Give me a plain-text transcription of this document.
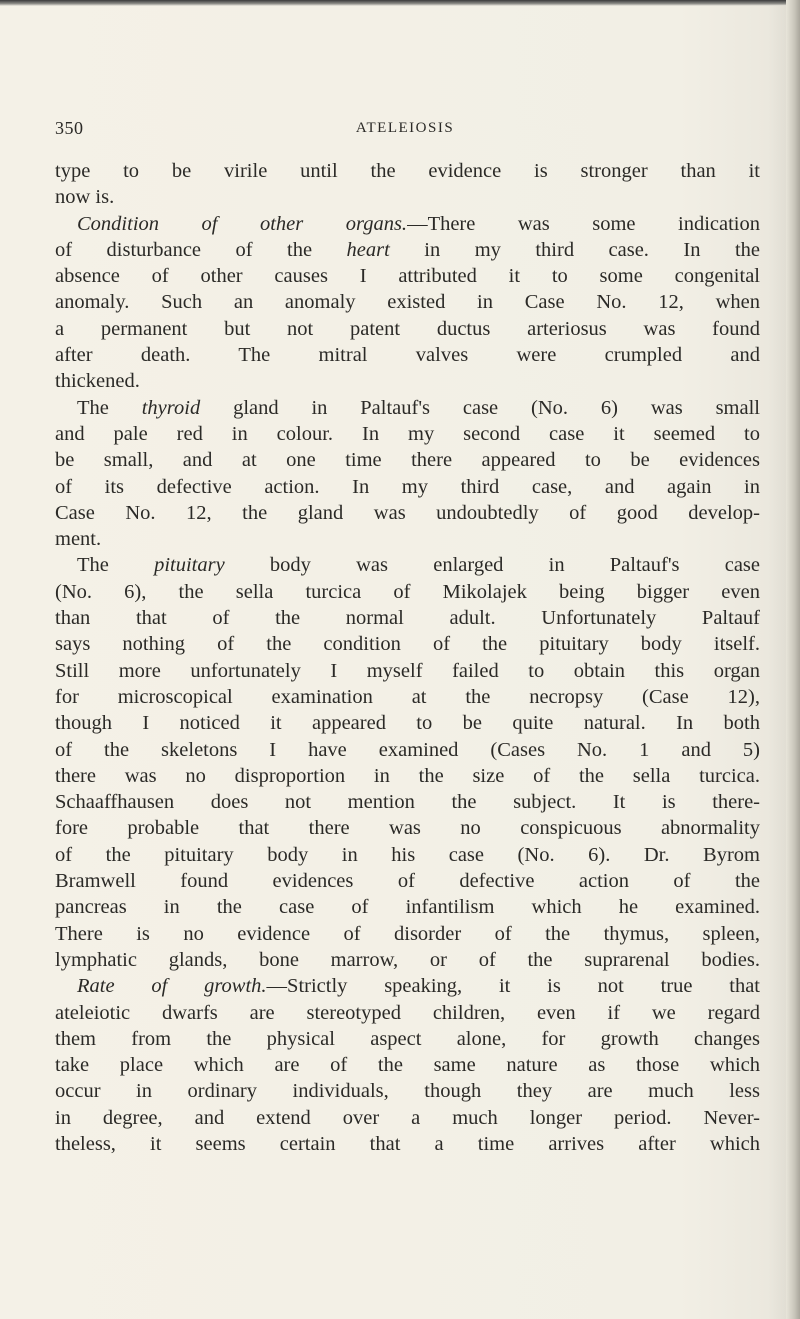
350	ATELEIOSIS
type to be virile until the evidence is stronger than it
now is.
Condition of other organs.—There was some indication
of disturbance of the heart in my third case. In the
absence of other causes I attributed it to some congenital
anomaly. Such an anomaly existed in Case No. 12, when
a permanent but not patent ductus arteriosus was found
after death. The mitral valves were crumpled and
thickened.
The thyroid gland in Paltauf's case (No. 6) was small
and pale red in colour. In my second case it seemed to
be small, and at one time there appeared to be evidences
of its defective action. In my third case, and again in
Case No. 12, the gland was undoubtedly of good develop-
ment.
The pituitary body was enlarged in Paltauf's case
(No. 6), the sella turcica of Mikolajek being bigger even
than that of the normal adult. Unfortunately Paltauf
says nothing of the condition of the pituitary body itself.
Still more unfortunately I myself failed to obtain this organ
for microscopical examination at the necropsy (Case 12),
though I noticed it appeared to be quite natural. In both
of the skeletons I have examined (Cases No. 1 and 5)
there was no disproportion in the size of the sella turcica.
Schaaffhausen does not mention the subject. It is there-
fore probable that there was no conspicuous abnormality
of the pituitary body in his case (No. 6). Dr. Byrom
Bramwell found evidences of defective action of the
pancreas in the case of infantilism which he examined.
There is no evidence of disorder of the thymus, spleen,
lymphatic glands, bone marrow, or of the suprarenal bodies.
Rate of growth.—Strictly speaking, it is not true that
ateleiotic dwarfs are stereotyped children, even if we regard
them from the physical aspect alone, for growth changes
take place which are of the same nature as those which
occur in ordinary individuals, though they are much less
in degree, and extend over a much longer period. Never-
theless, it seems certain that a time arrives after which
